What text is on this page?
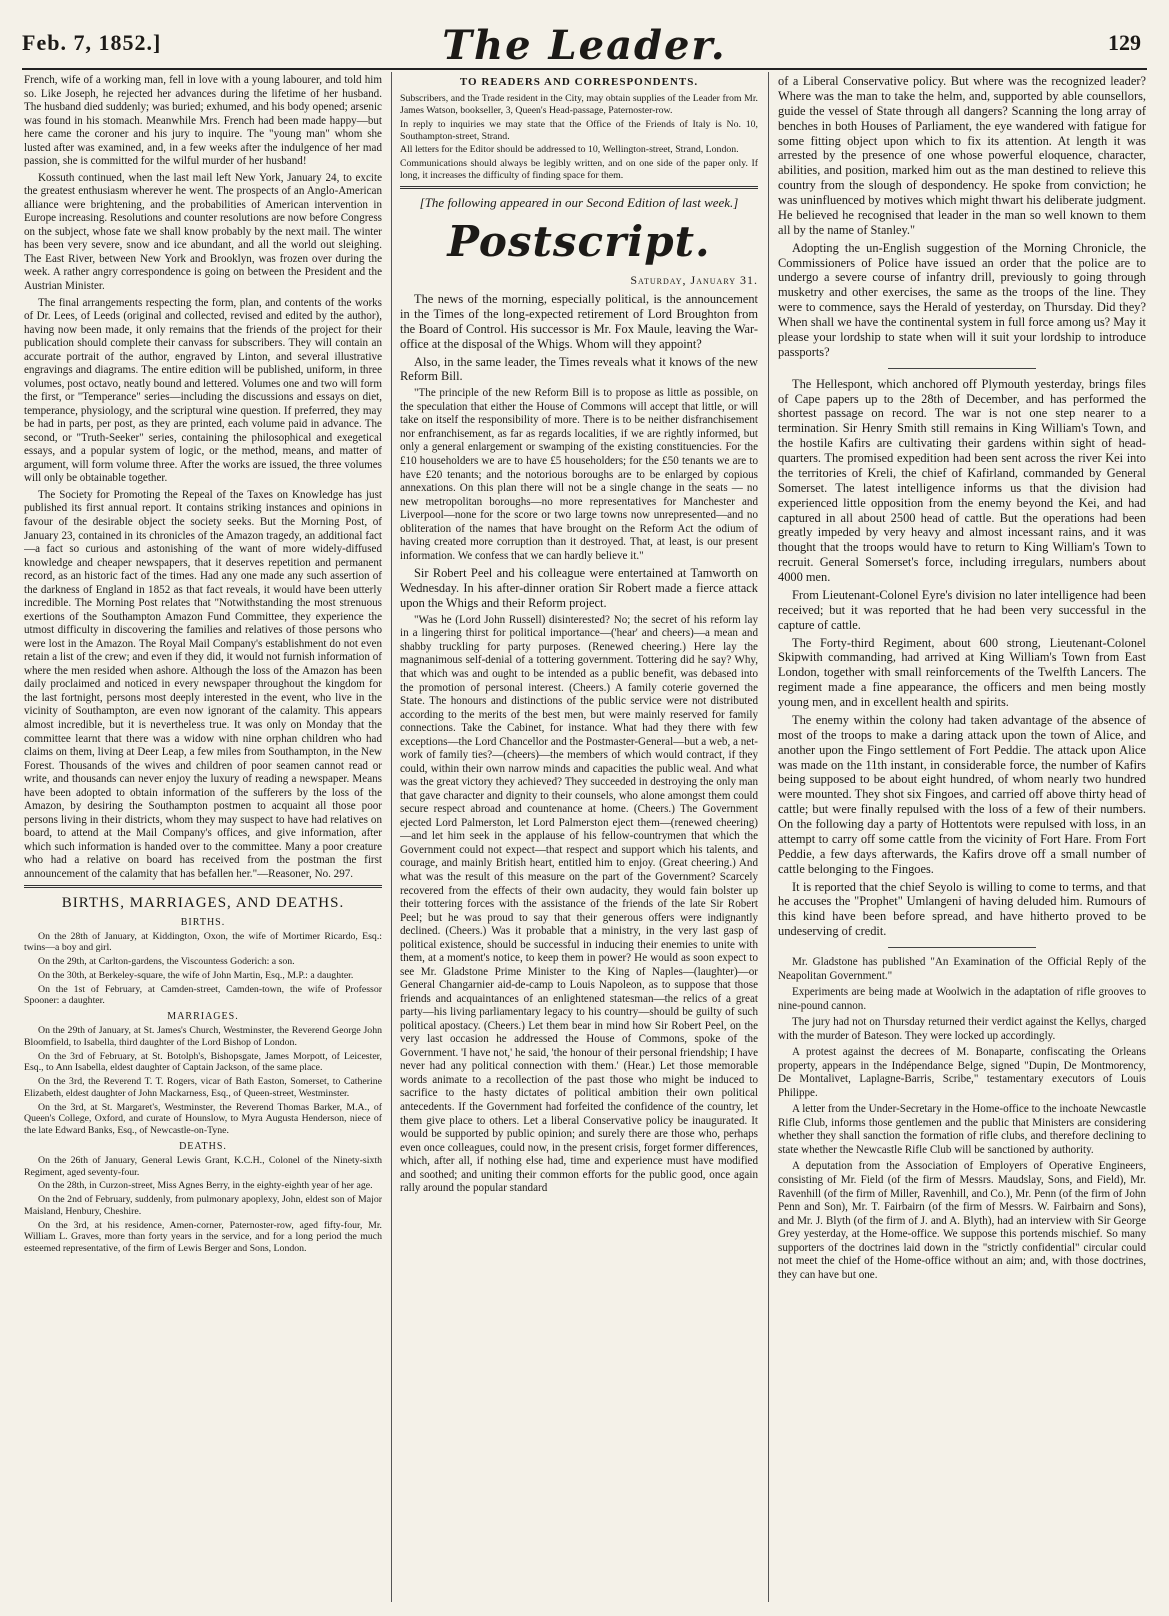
Feb. 7, 1852.]	The Leader.	129

French, wife of a working man, fell in love with a young labourer, and told him so. Like Joseph, he rejected her advances during the lifetime of her husband. The husband died suddenly; was buried; exhumed, and his body opened; arsenic was found in his stomach. Meanwhile Mrs. French had been made happy—but here came the coroner and his jury to inquire. The "young man" whom she lusted after was examined, and, in a few weeks after the indulgence of her mad passion, she is committed for the wilful murder of her husband!

Kossuth continued, when the last mail left New York, January 24, to excite the greatest enthusiasm wherever he went. The prospects of an Anglo-American alliance were brightening, and the probabilities of American intervention in Europe increasing. Resolutions and counter resolutions are now before Congress on the subject, whose fate we shall know probably by the next mail. The winter has been very severe, snow and ice abundant, and all the world out sleighing. The East River, between New York and Brooklyn, was frozen over during the week. A rather angry correspondence is going on between the President and the Austrian Minister.

The final arrangements respecting the form, plan, and contents of the works of Dr. Lees, of Leeds (original and collected, revised and edited by the author), having now been made, it only remains that the friends of the project for their publication should complete their canvass for subscribers. They will contain an accurate portrait of the author, engraved by Linton, and several illustrative engravings and diagrams. The entire edition will be published, uniform, in three volumes, post octavo, neatly bound and lettered. Volumes one and two will form the first, or "Temperance" series—including the discussions and essays on diet, temperance, physiology, and the scriptural wine question. If preferred, they may be had in parts, per post, as they are printed, each volume paid in advance. The second, or "Truth-Seeker" series, containing the philosophical and exegetical essays, and a popular system of logic, or the method, means, and matter of argument, will form volume three. After the works are issued, the three volumes will only be obtainable together.

The Society for Promoting the Repeal of the Taxes on Knowledge has just published its first annual report. It contains striking instances and opinions in favour of the desirable object the society seeks. But the Morning Post, of January 23, contained in its chronicles of the Amazon tragedy, an additional fact—a fact so curious and astonishing of the want of more widely-diffused knowledge and cheaper newspapers, that it deserves repetition and permanent record, as an historic fact of the times. Had any one made any such assertion of the darkness of England in 1852 as that fact reveals, it would have been utterly incredible. The Morning Post relates that "Notwithstanding the most strenuous exertions of the Southampton Amazon Fund Committee, they experience the utmost difficulty in discovering the families and relatives of those persons who were lost in the Amazon. The Royal Mail Company's establishment do not even retain a list of the crew; and even if they did, it would not furnish information of where the men resided when ashore. Although the loss of the Amazon has been daily proclaimed and noticed in every newspaper throughout the kingdom for the last fortnight, persons most deeply interested in the event, who live in the vicinity of Southampton, are even now ignorant of the calamity. This appears almost incredible, but it is nevertheless true. It was only on Monday that the committee learnt that there was a widow with nine orphan children who had claims on them, living at Deer Leap, a few miles from Southampton, in the New Forest. Thousands of the wives and children of poor seamen cannot read or write, and thousands can never enjoy the luxury of reading a newspaper. Means have been adopted to obtain information of the sufferers by the loss of the Amazon, by desiring the Southampton postmen to acquaint all those poor persons living in their districts, whom they may suspect to have had relatives on board, to attend at the Mail Company's offices, and give information, after which such information is handed over to the committee. Many a poor creature who had a relative on board has received from the postman the first announcement of the calamity that has befallen her."—Reasoner, No. 297.

BIRTHS, MARRIAGES, AND DEATHS.
BIRTHS.

On the 28th of January, at Kiddington, Oxon, the wife of Mortimer Ricardo, Esq.: twins—a boy and girl.

On the 29th, at Carlton-gardens, the Viscountess Goderich: a son.

On the 30th, at Berkeley-square, the wife of John Martin, Esq., M.P.: a daughter.

On the 1st of February, at Camden-street, Camden-town, the wife of Professor Spooner: a daughter.

MARRIAGES.

On the 29th of January, at St. James's Church, Westminster, the Reverend George John Bloomfield, to Isabella, third daughter of the Lord Bishop of London.

On the 3rd of February, at St. Botolph's, Bishopsgate, James Morpott, of Leicester, Esq., to Ann Isabella, eldest daughter of Captain Jackson, of the same place.

On the 3rd, the Reverend T. T. Rogers, vicar of Bath Easton, Somerset, to Catherine Elizabeth, eldest daughter of John Mackarness, Esq., of Queen-street, Westminster.

On the 3rd, at St. Margaret's, Westminster, the Reverend Thomas Barker, M.A., of Queen's College, Oxford, and curate of Hounslow, to Myra Augusta Henderson, niece of the late Edward Banks, Esq., of Newcastle-on-Tyne.

DEATHS.

On the 26th of January, General Lewis Grant, K.C.H., Colonel of the Ninety-sixth Regiment, aged seventy-four.

On the 28th, in Curzon-street, Miss Agnes Berry, in the eighty-eighth year of her age.

On the 2nd of February, suddenly, from pulmonary apoplexy, John, eldest son of Major Maisland, Henbury, Cheshire.

On the 3rd, at his residence, Amen-corner, Paternoster-row, aged fifty-four, Mr. William L. Graves, more than forty years in the service, and for a long period the much esteemed representative, of the firm of Lewis Berger and Sons, London.

TO READERS AND CORRESPONDENTS.

Subscribers, and the Trade resident in the City, may obtain supplies of the Leader from Mr. James Watson, bookseller, 3, Queen's Head-passage, Paternoster-row.

In reply to inquiries we may state that the Office of the Friends of Italy is No. 10, Southampton-street, Strand.

All letters for the Editor should be addressed to 10, Wellington-street, Strand, London.

Communications should always be legibly written, and on one side of the paper only. If long, it increases the difficulty of finding space for them.

[The following appeared in our Second Edition of last week.]
Postscript.
Saturday, January 31.

The news of the morning, especially political, is the announcement in the Times of the long-expected retirement of Lord Broughton from the Board of Control. His successor is Mr. Fox Maule, leaving the War-office at the disposal of the Whigs. Whom will they appoint?

Also, in the same leader, the Times reveals what it knows of the new Reform Bill.

"The principle of the new Reform Bill is to propose as little as possible, on the speculation that either the House of Commons will accept that little, or will take on itself the responsibility of more. There is to be neither disfranchisement nor enfranchisement, as far as regards localities, if we are rightly informed, but only a general enlargement or swamping of the existing constituencies. For the £10 householders we are to have £5 householders; for the £50 tenants we are to have £20 tenants; and the notorious boroughs are to be enlarged by copious annexations. On this plan there will not be a single change in the seats — no new metropolitan boroughs—no more representatives for Manchester and Liverpool—none for the score or two large towns now unrepresented—and no obliteration of the names that have brought on the Reform Act the odium of having created more corruption than it destroyed. That, at least, is our present information. We confess that we can hardly believe it."

Sir Robert Peel and his colleague were entertained at Tamworth on Wednesday. In his after-dinner oration Sir Robert made a fierce attack upon the Whigs and their Reform project.

"Was he (Lord John Russell) disinterested? No; the secret of his reform lay in a lingering thirst for political importance—('hear' and cheers)—a mean and shabby truckling for party purposes. (Renewed cheering.) Here lay the magnanimous self-denial of a tottering government. Tottering did he say? Why, that which was and ought to be intended as a public benefit, was debased into the promotion of personal interest. (Cheers.) A family coterie governed the State. The honours and distinctions of the public service were not distributed according to the merits of the best men, but were mainly reserved for family connections. Take the Cabinet, for instance. What had they there with few exceptions—the Lord Chancellor and the Postmaster-General—but a web, a net-work of family ties?—(cheers)—the members of which would contract, if they could, within their own narrow minds and capacities the public weal. And what was the great victory they achieved? They succeeded in destroying the only man that gave character and dignity to their counsels, who alone amongst them could secure respect abroad and countenance at home. (Cheers.) The Government ejected Lord Palmerston, let Lord Palmerston eject them—(renewed cheering)—and let him seek in the applause of his fellow-countrymen that which the Government could not expect—that respect and support which his talents, and courage, and mainly British heart, entitled him to enjoy. (Great cheering.) And what was the result of this measure on the part of the Government? Scarcely recovered from the effects of their own audacity, they would fain bolster up their tottering forces with the assistance of the friends of the late Sir Robert Peel; but he was proud to say that their generous offers were indignantly declined. (Cheers.) Was it probable that a ministry, in the very last gasp of political existence, should be successful in inducing their enemies to unite with them, at a moment's notice, to keep them in power? He would as soon expect to see Mr. Gladstone Prime Minister to the King of Naples—(laughter)—or General Changarnier aid-de-camp to Louis Napoleon, as to suppose that those friends and acquaintances of an enlightened statesman—the relics of a great party—his living parliamentary legacy to his country—should be guilty of such political apostacy. (Cheers.) Let them bear in mind how Sir Robert Peel, on the very last occasion he addressed the House of Commons, spoke of the Government. 'I have not,' he said, 'the honour of their personal friendship; I have never had any political connection with them.' (Hear.) Let those memorable words animate to a recollection of the past those who might be induced to sacrifice to the hasty dictates of political ambition their own political antecedents. If the Government had forfeited the confidence of the country, let them give place to others. Let a liberal Conservative policy be inaugurated. It would be supported by public opinion; and surely there are those who, perhaps even once colleagues, could now, in the present crisis, forget former differences, which, after all, if nothing else had, time and experience must have modified and soothed; and uniting their common efforts for the public good, once again rally around the popular standard

of a Liberal Conservative policy. But where was the recognized leader? Where was the man to take the helm, and, supported by able counsellors, guide the vessel of State through all dangers? Scanning the long array of benches in both Houses of Parliament, the eye wandered with fatigue for some fitting object upon which to fix its attention. At length it was arrested by the presence of one whose powerful eloquence, character, abilities, and position, marked him out as the man destined to relieve this country from the slough of despondency. He spoke from conviction; he was uninfluenced by motives which might thwart his deliberate judgment. He believed he recognised that leader in the man so well known to them all by the name of Stanley."

Adopting the un-English suggestion of the Morning Chronicle, the Commissioners of Police have issued an order that the police are to undergo a severe course of infantry drill, previously to going through musketry and other exercises, the same as the troops of the line. They were to commence, says the Herald of yesterday, on Thursday. Did they? When shall we have the continental system in full force among us? May it please your lordship to state when will it suit your lordship to introduce passports?

The Hellespont, which anchored off Plymouth yesterday, brings files of Cape papers up to the 28th of December, and has performed the shortest passage on record. The war is not one step nearer to a termination. Sir Henry Smith still remains in King William's Town, and the hostile Kafirs are cultivating their gardens within sight of head-quarters. The promised expedition had been sent across the river Kei into the territories of Kreli, the chief of Kafirland, commanded by General Somerset. The latest intelligence informs us that the division had experienced little opposition from the enemy beyond the Kei, and had captured in all about 2500 head of cattle. But the operations had been greatly impeded by very heavy and almost incessant rains, and it was thought that the troops would have to return to King William's Town to recruit. General Somerset's force, including irregulars, numbers about 4000 men.

From Lieutenant-Colonel Eyre's division no later intelligence had been received; but it was reported that he had been very successful in the capture of cattle.

The Forty-third Regiment, about 600 strong, Lieutenant-Colonel Skipwith commanding, had arrived at King William's Town from East London, together with small reinforcements of the Twelfth Lancers. The regiment made a fine appearance, the officers and men being mostly young men, and in excellent health and spirits.

The enemy within the colony had taken advantage of the absence of most of the troops to make a daring attack upon the town of Alice, and another upon the Fingo settlement of Fort Peddie. The attack upon Alice was made on the 11th instant, in considerable force, the number of Kafirs being supposed to be about eight hundred, of whom nearly two hundred were mounted. They shot six Fingoes, and carried off above thirty head of cattle; but were finally repulsed with the loss of a few of their numbers. On the following day a party of Hottentots were repulsed with loss, in an attempt to carry off some cattle from the vicinity of Fort Hare. From Fort Peddie, a few days afterwards, the Kafirs drove off a small number of cattle belonging to the Fingoes.

It is reported that the chief Seyolo is willing to come to terms, and that he accuses the "Prophet" Umlangeni of having deluded him. Rumours of this kind have been before spread, and have hitherto proved to be undeserving of credit.

Mr. Gladstone has published "An Examination of the Official Reply of the Neapolitan Government."

Experiments are being made at Woolwich in the adaptation of rifle grooves to nine-pound cannon.

The jury had not on Thursday returned their verdict against the Kellys, charged with the murder of Bateson. They were locked up accordingly.

A protest against the decrees of M. Bonaparte, confiscating the Orleans property, appears in the Indépendance Belge, signed "Dupin, De Montmorency, De Montalivet, Laplagne-Barris, Scribe," testamentary executors of Louis Philippe.

A letter from the Under-Secretary in the Home-office to the inchoate Newcastle Rifle Club, informs those gentlemen and the public that Ministers are considering whether they shall sanction the formation of rifle clubs, and therefore declining to state whether the Newcastle Rifle Club will be sanctioned by authority.

A deputation from the Association of Employers of Operative Engineers, consisting of Mr. Field (of the firm of Messrs. Maudslay, Sons, and Field), Mr. Ravenhill (of the firm of Miller, Ravenhill, and Co.), Mr. Penn (of the firm of John Penn and Son), Mr. T. Fairbairn (of the firm of Messrs. W. Fairbairn and Sons), and Mr. J. Blyth (of the firm of J. and A. Blyth), had an interview with Sir George Grey yesterday, at the Home-office. We suppose this portends mischief. So many supporters of the doctrines laid down in the "strictly confidential" circular could not meet the chief of the Home-office without an aim; and, with those doctrines, they can have but one.
